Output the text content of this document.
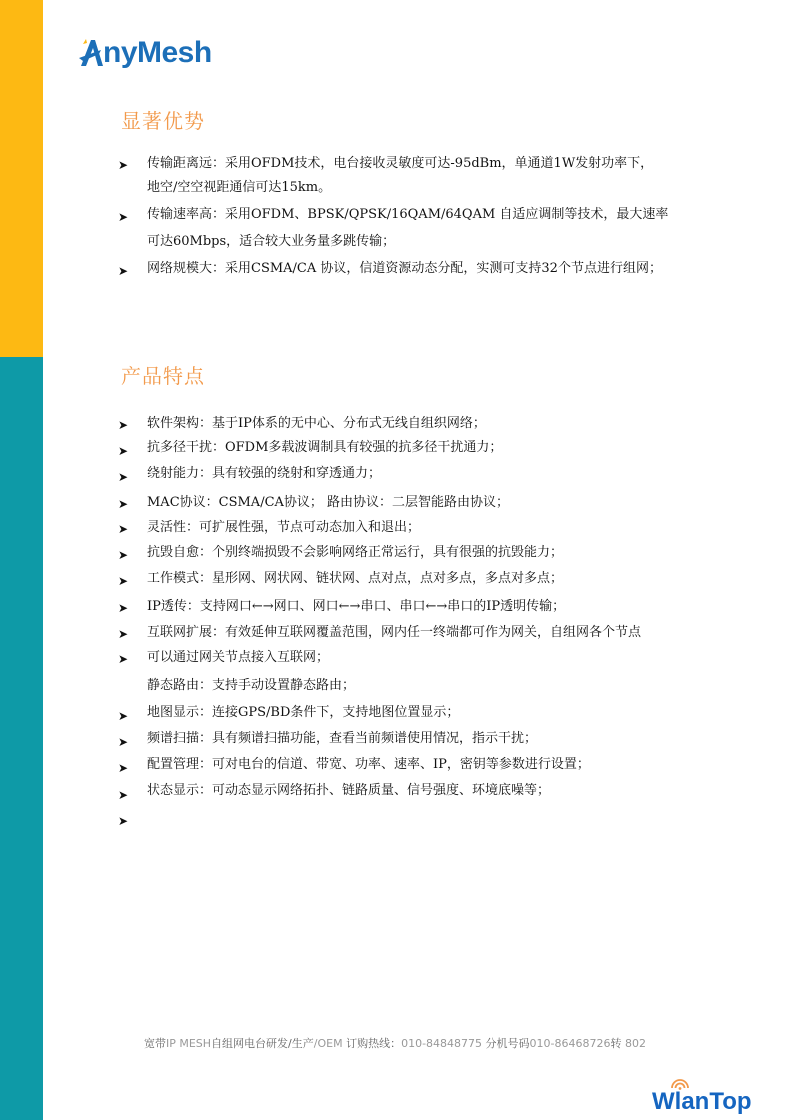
nyMesh
显著优势
➤ 传输距离远：采用OFDM技术，电台接收灵敏度可达-95dBm，单通道1W发射功率下，
地空/空空视距通信可达15km。
➤ 传输速率高：采用OFDM、BPSK/QPSK/16QAM/64QAM 自适应调制等技术，最大速率
可达60Mbps，适合较大业务量多跳传输；
➤ 网络规模大：采用CSMA/CA 协议，信道资源动态分配，实测可支持32个节点进行组网；
产品特点
➤ 软件架构：基于IP体系的无中心、分布式无线自组织网络；
➤ 抗多径干扰：OFDM多载波调制具有较强的抗多径干扰通力；
➤ 绕射能力：具有较强的绕射和穿透通力；
➤ MAC协议：CSMA/CA协议； 路由协议：二层智能路由协议；
➤ 灵活性：可扩展性强，节点可动态加入和退出；
➤ 抗毁自愈：个别终端损毁不会影响网络正常运行，具有很强的抗毁能力；
➤ 工作模式：星形网、网状网、链状网、点对点，点对多点，多点对多点；
➤ IP透传：支持网口←→网口、网口←→串口、串口←→串口的IP透明传输；
➤ 互联网扩展：有效延伸互联网覆盖范围，网内任一终端都可作为网关，自组网各个节点
➤ 可以通过网关节点接入互联网；
静态路由：支持手动设置静态路由；
➤ 地图显示：连接GPS/BD条件下，支持地图位置显示；
➤ 频谱扫描：具有频谱扫描功能，查看当前频谱使用情况，指示干扰；
➤ 配置管理：可对电台的信道、带宽、功率、速率、IP，密钥等参数进行设置；
➤ 状态显示：可动态显示网络拓扑、链路质量、信号强度、环境底噪等；
➤
宽带IP MESH自组网电台研发/生产/OEM 订购热线：010-84848775 分机号码010-86468726转 802
WlanTop
